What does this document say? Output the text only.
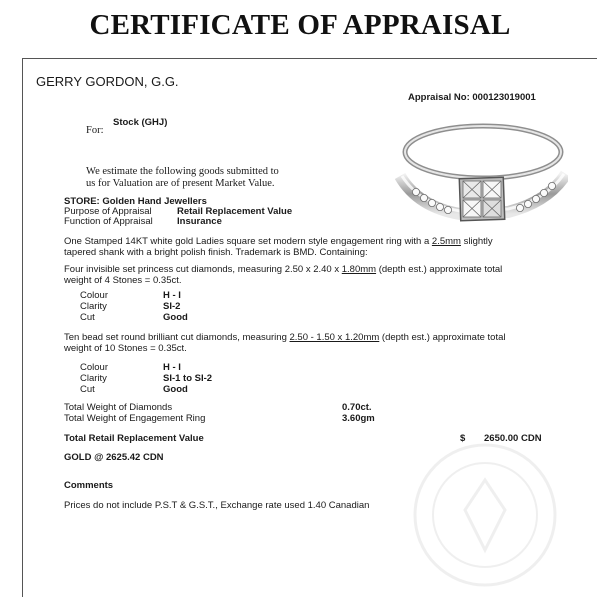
CERTIFICATE OF APPRAISAL
GERRY GORDON, G.G.
Appraisal No: 000123019001
For:
Stock (GHJ)
We estimate the following goods submitted to
us for Valuation are of present Market Value.
STORE: Golden Hand Jewellers
Purpose of Appraisal	Retail Replacement Value
Function of Appraisal	Insurance
One Stamped 14KT white gold Ladies square set modern style engagement ring with a 2.5mm slightly
tapered shank with a bright polish finish. Trademark is BMD. Containing:
Four invisible set princess cut diamonds, measuring 2.50 x 2.40 x 1.80mm (depth est.) approximate total
weight of 4 Stones = 0.35ct.
Colour	H - I
Clarity	SI-2
Cut	Good
Ten bead set round brilliant cut diamonds, measuring 2.50 - 1.50 x 1.20mm (depth est.) approximate total
weight of 10 Stones = 0.35ct.
Colour	H - I
Clarity	SI-1 to SI-2
Cut	Good
Total Weight of Diamonds	0.70ct.
Total Weight of Engagement Ring	3.60gm
Total Retail Replacement Value	$ 2650.00 CDN
GOLD @ 2625.42 CDN
Comments
Prices do not include P.S.T & G.S.T., Exchange rate used 1.40 Canadian
